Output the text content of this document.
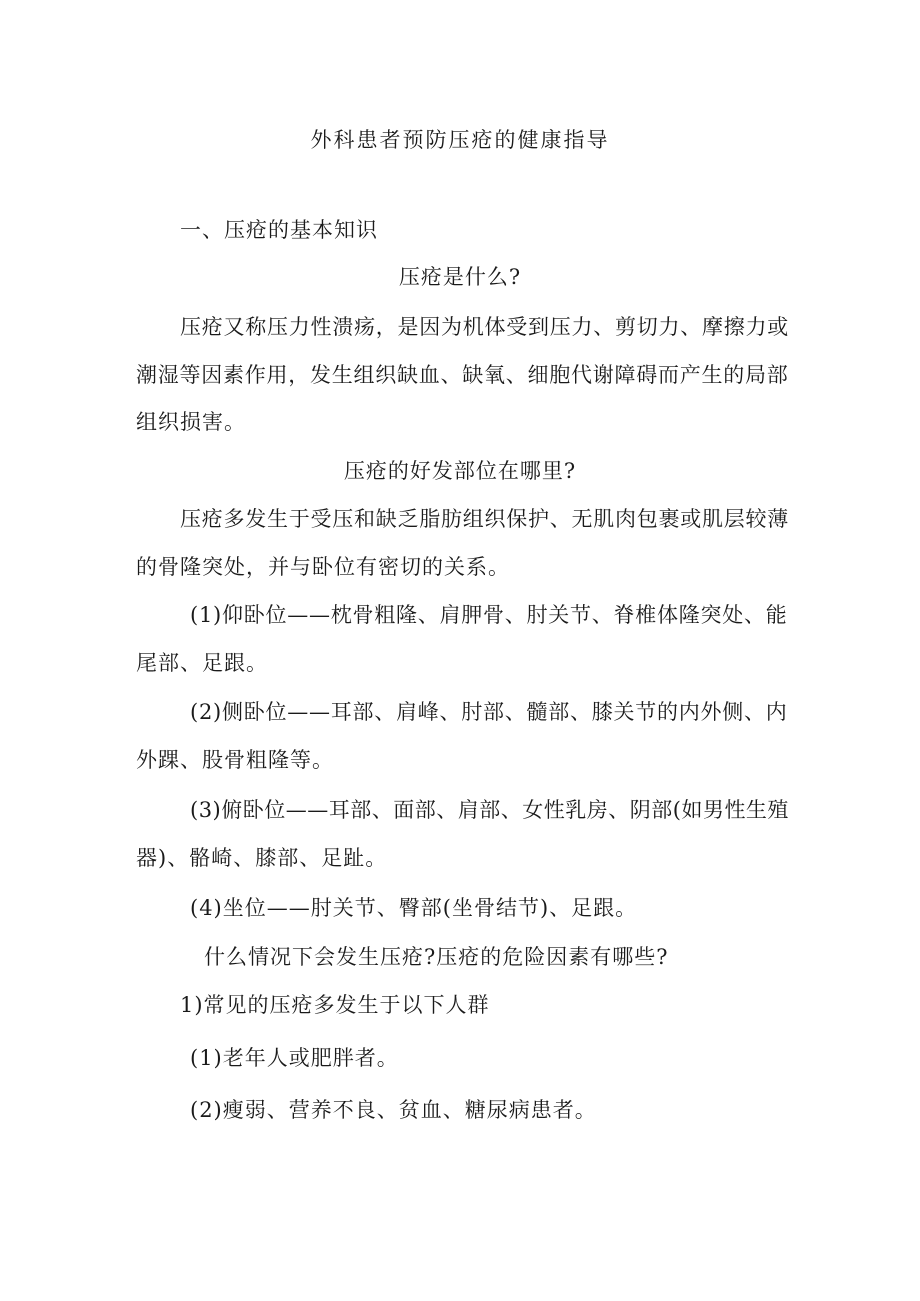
外科患者预防压疮的健康指导
一、压疮的基本知识
压疮是什么?
压疮又称压力性溃疡，是因为机体受到压力、剪切力、摩擦力或
潮湿等因素作用，发生组织缺血、缺氧、细胞代谢障碍而产生的局部
组织损害。
压疮的好发部位在哪里?
压疮多发生于受压和缺乏脂肪组织保护、无肌肉包裹或肌层较薄
的骨隆突处，并与卧位有密切的关系。
(1)仰卧位——枕骨粗隆、肩胛骨、肘关节、脊椎体隆突处、能
尾部、足跟。
(2)侧卧位——耳部、肩峰、肘部、髓部、膝关节的内外侧、内
外踝、股骨粗隆等。
(3)俯卧位——耳部、面部、肩部、女性乳房、阴部(如男性生殖
器)、骼崎、膝部、足趾。
(4)坐位——肘关节、臀部(坐骨结节)、足跟。
什么情况下会发生压疮?压疮的危险因素有哪些?
1)常见的压疮多发生于以下人群
(1)老年人或肥胖者。
(2)瘦弱、营养不良、贫血、糖尿病患者。
